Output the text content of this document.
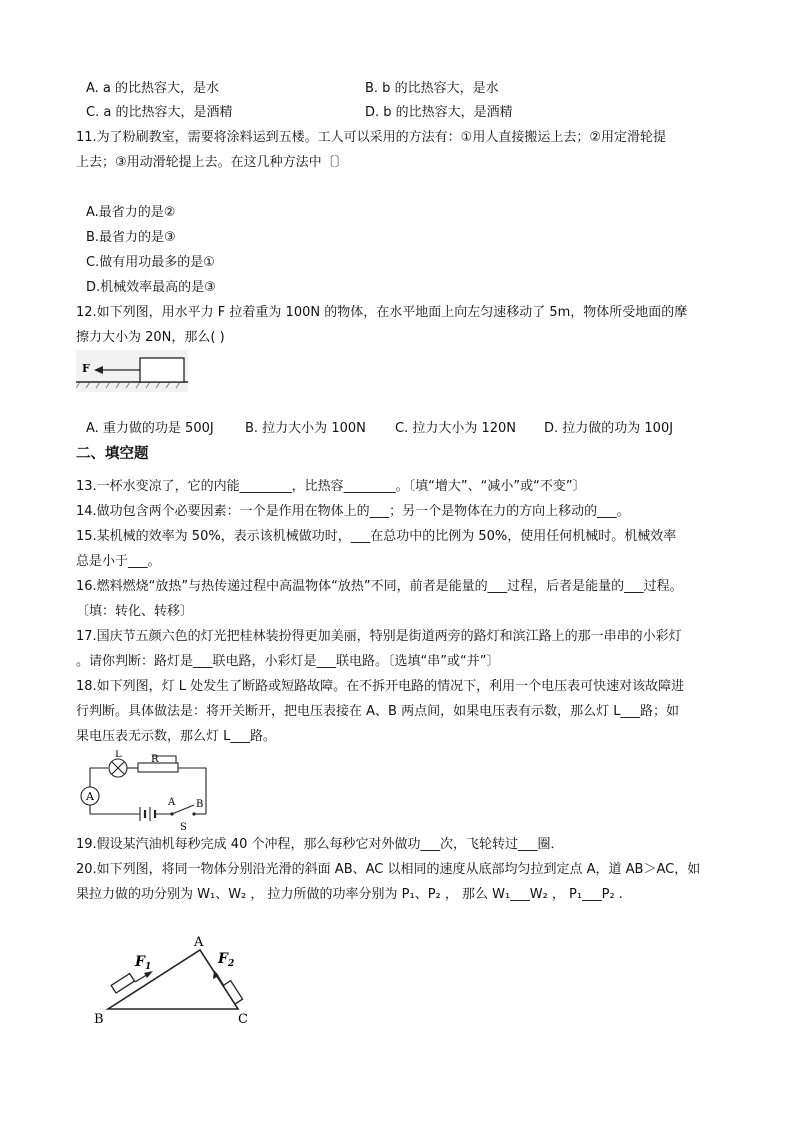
A. a 的比热容大，是水	B. b 的比热容大，是水
C. a 的比热容大，是酒精	D. b 的比热容大，是酒精
11.为了粉刷教室，需要将涂料运到五楼。工人可以采用的方法有：①用人直接搬运上去；②用定滑轮提
上去；③用动滑轮提上去。在这几种方法中〔〕
A.最省力的是②
B.最省力的是③
C.做有用功最多的是①
D.机械效率最高的是③
12.如下列图，用水平力 F 拉着重为 100N 的物体，在水平地面上向左匀速移动了 5m，物体所受地面的摩
擦力大小为 20N，那么( )
F
A. 重力做的功是 500J B. 拉力大小为 100N C. 拉力大小为 120N D. 拉力做的功为 100J
二、填空题
13.一杯水变凉了，它的内能________，比热容________。〔填“增大”、“减小”或“不变”〕
14.做功包含两个必要因素：一个是作用在物体上的___；另一个是物体在力的方向上移动的___。
15.某机械的效率为 50%，表示该机械做功时，___在总功中的比例为 50%，使用任何机械时。机械效率
总是小于___。
16.燃料燃烧“放热”与热传递过程中高温物体“放热”不同，前者是能量的___过程，后者是能量的___过程。
〔填：转化、转移〕
17.国庆节五颜六色的灯光把桂林装扮得更加美丽，特别是街道两旁的路灯和滨江路上的那一串串的小彩灯
。请你判断：路灯是___联电路，小彩灯是___联电路。〔选填“串”或“并”〕
18.如下列图，灯 L 处发生了断路或短路故障。在不拆开电路的情况下，利用一个电压表可快速对该故障进
行判断。具体做法是：将开关断开，把电压表接在 A、B 两点间，如果电压表有示数，那么灯 L___路；如
果电压表无示数，那么灯 L___路。
L	R
A	A B
S
19.假设某汽油机每秒完成 40 个冲程，那么每秒它对外做功___次，飞轮转过___圈．
20.如下列图，将同一物体分别沿光滑的斜面 AB、AC 以相同的速度从底部均匀拉到定点 A，道 AB＞AC，如
果拉力做的功分别为 W₁、W₂ ， 拉力所做的功率分别为 P₁、P₂ ， 那么 W₁___W₂ ， P₁___P₂ .
A
B	C
$F_1$	$F_2$
